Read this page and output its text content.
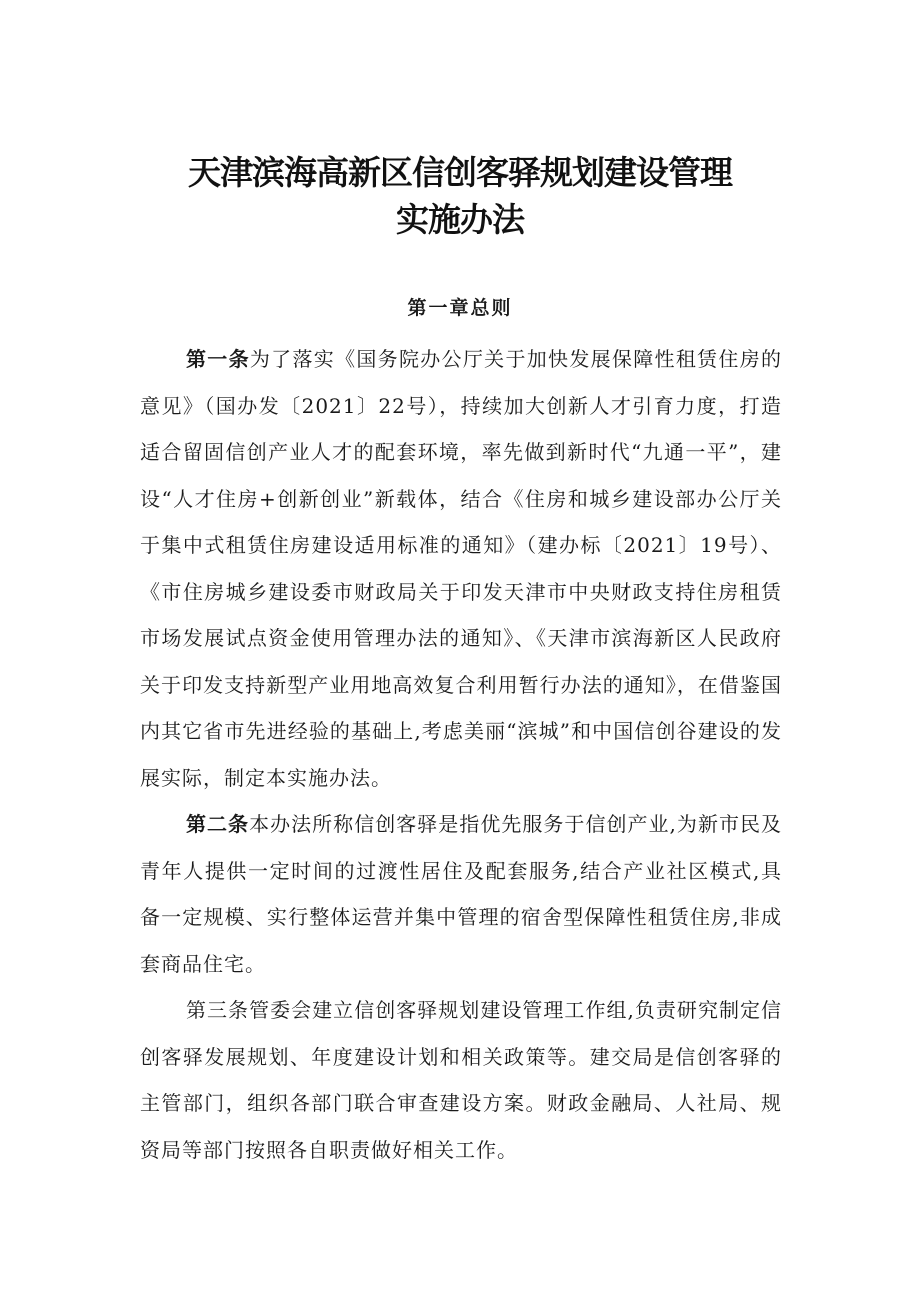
天津滨海高新区信创客驿规划建设管理
实施办法
第一章总则

第一条为了落实《国务院办公厅关于加快发展保障性租赁住房的意见》（国办发〔2021〕22号），持续加大创新人才引育力度，打造适合留固信创产业人才的配套环境，率先做到新时代“九通一平”，建设“人才住房+创新创业”新载体，结合《住房和城乡建设部办公厅关于集中式租赁住房建设适用标准的通知》（建办标〔2021〕19号）、《市住房城乡建设委市财政局关于印发天津市中央财政支持住房租赁市场发展试点资金使用管理办法的通知》、《天津市滨海新区人民政府关于印发支持新型产业用地高效复合利用暂行办法的通知》，在借鉴国内其它省市先进经验的基础上,考虑美丽“滨城”和中国信创谷建设的发展实际，制定本实施办法。

第二条本办法所称信创客驿是指优先服务于信创产业,为新市民及青年人提供一定时间的过渡性居住及配套服务,结合产业社区模式,具备一定规模、实行整体运营并集中管理的宿舍型保障性租赁住房,非成套商品住宅。

第三条管委会建立信创客驿规划建设管理工作组,负责研究制定信创客驿发展规划、年度建设计划和相关政策等。建交局是信创客驿的主管部门，组织各部门联合审查建设方案。财政金融局、人社局、规资局等部门按照各自职责做好相关工作。
